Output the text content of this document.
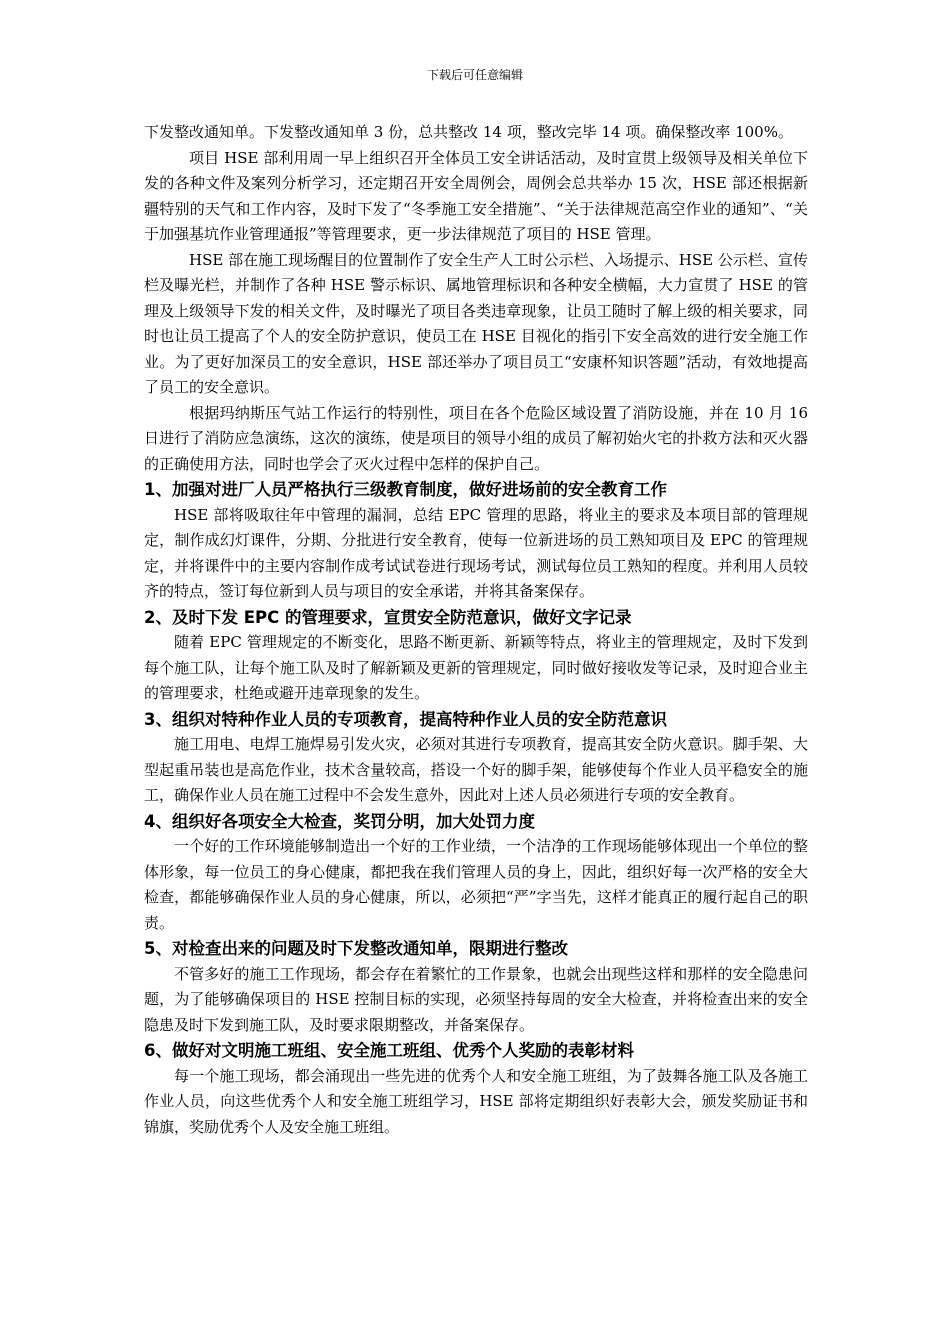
下载后可任意编辑

下发整改通知单。下发整改通知单 3 份，总共整改 14 项，整改完毕 14 项。确保整改率 100%。

项目 HSE 部利用周一早上组织召开全体员工安全讲话活动，及时宣贯上级领导及相关单位下发的各种文件及案列分析学习，还定期召开安全周例会，周例会总共举办 15 次，HSE 部还根据新疆特别的天气和工作内容，及时下发了“冬季施工安全措施”、“关于法律规范高空作业的通知”、“关于加强基坑作业管理通报”等管理要求，更一步法律规范了项目的 HSE 管理。

HSE 部在施工现场醒目的位置制作了安全生产人工时公示栏、入场提示、HSE 公示栏、宣传栏及曝光栏，并制作了各种 HSE 警示标识、属地管理标识和各种安全横幅，大力宣贯了 HSE 的管理及上级领导下发的相关文件，及时曝光了项目各类违章现象，让员工随时了解上级的相关要求，同时也让员工提高了个人的安全防护意识，使员工在 HSE 目视化的指引下安全高效的进行安全施工作业。为了更好加深员工的安全意识，HSE 部还举办了项目员工“安康杯知识答题”活动，有效地提高了员工的安全意识。

根据玛纳斯压气站工作运行的特别性，项目在各个危险区域设置了消防设施，并在 10 月 16 日进行了消防应急演练，这次的演练，使是项目的领导小组的成员了解初始火宅的扑救方法和灭火器的正确使用方法，同时也学会了灭火过程中怎样的保护自己。

1、加强对进厂人员严格执行三级教育制度，做好进场前的安全教育工作

HSE 部将吸取往年中管理的漏洞，总结 EPC 管理的思路，将业主的要求及本项目部的管理规定，制作成幻灯课件，分期、分批进行安全教育，使每一位新进场的员工熟知项目及 EPC 的管理规定，并将课件中的主要内容制作成考试试卷进行现场考试，测试每位员工熟知的程度。并利用人员较齐的特点，签订每位新到人员与项目的安全承诺，并将其备案保存。

2、及时下发 EPC 的管理要求，宣贯安全防范意识，做好文字记录

随着 EPC 管理规定的不断变化，思路不断更新、新颖等特点，将业主的管理规定，及时下发到每个施工队，让每个施工队及时了解新颖及更新的管理规定，同时做好接收发等记录，及时迎合业主的管理要求，杜绝或避开违章现象的发生。

3、组织对特种作业人员的专项教育，提高特种作业人员的安全防范意识

施工用电、电焊工施焊易引发火灾，必须对其进行专项教育，提高其安全防火意识。脚手架、大型起重吊装也是高危作业，技术含量较高，搭设一个好的脚手架，能够使每个作业人员平稳安全的施工，确保作业人员在施工过程中不会发生意外，因此对上述人员必须进行专项的安全教育。

4、组织好各项安全大检查，奖罚分明，加大处罚力度

一个好的工作环境能够制造出一个好的工作业绩，一个洁净的工作现场能够体现出一个单位的整体形象，每一位员工的身心健康，都把我在我们管理人员的身上，因此，组织好每一次严格的安全大检查，都能够确保作业人员的身心健康，所以，必须把“严”字当先，这样才能真正的履行起自己的职责。

5、对检查出来的问题及时下发整改通知单，限期进行整改

不管多好的施工工作现场，都会存在着繁忙的工作景象，也就会出现些这样和那样的安全隐患问题，为了能够确保项目的 HSE 控制目标的实现，必须坚持每周的安全大检查，并将检查出来的安全隐患及时下发到施工队，及时要求限期整改，并备案保存。

6、做好对文明施工班组、安全施工班组、优秀个人奖励的表彰材料

每一个施工现场，都会涌现出一些先进的优秀个人和安全施工班组，为了鼓舞各施工队及各施工作业人员，向这些优秀个人和安全施工班组学习，HSE 部将定期组织好表彰大会，颁发奖励证书和锦旗，奖励优秀个人及安全施工班组。
